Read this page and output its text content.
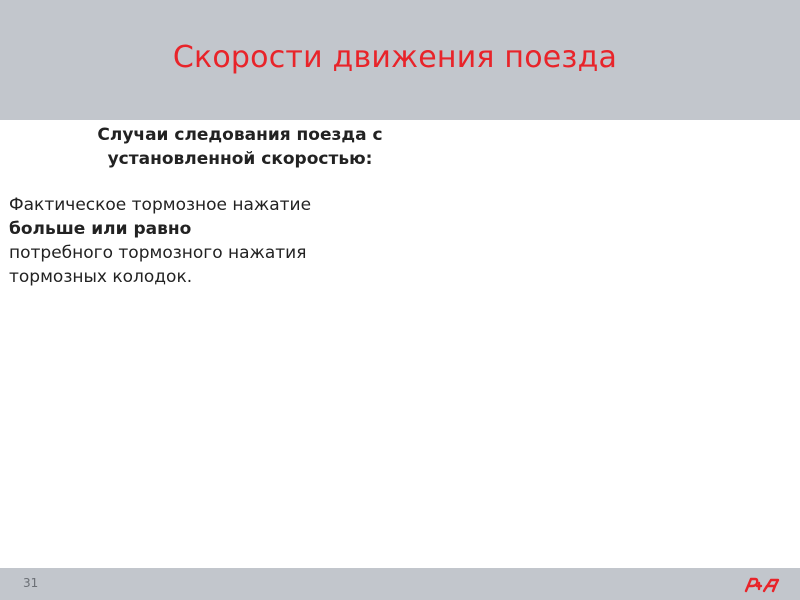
Скорости движения поезда
Случаи следования поезда с
установленной скоростью:
Фактическое тормозное нажатие
больше или равно
потребного тормозного нажатия
тормозных колодок.
31
